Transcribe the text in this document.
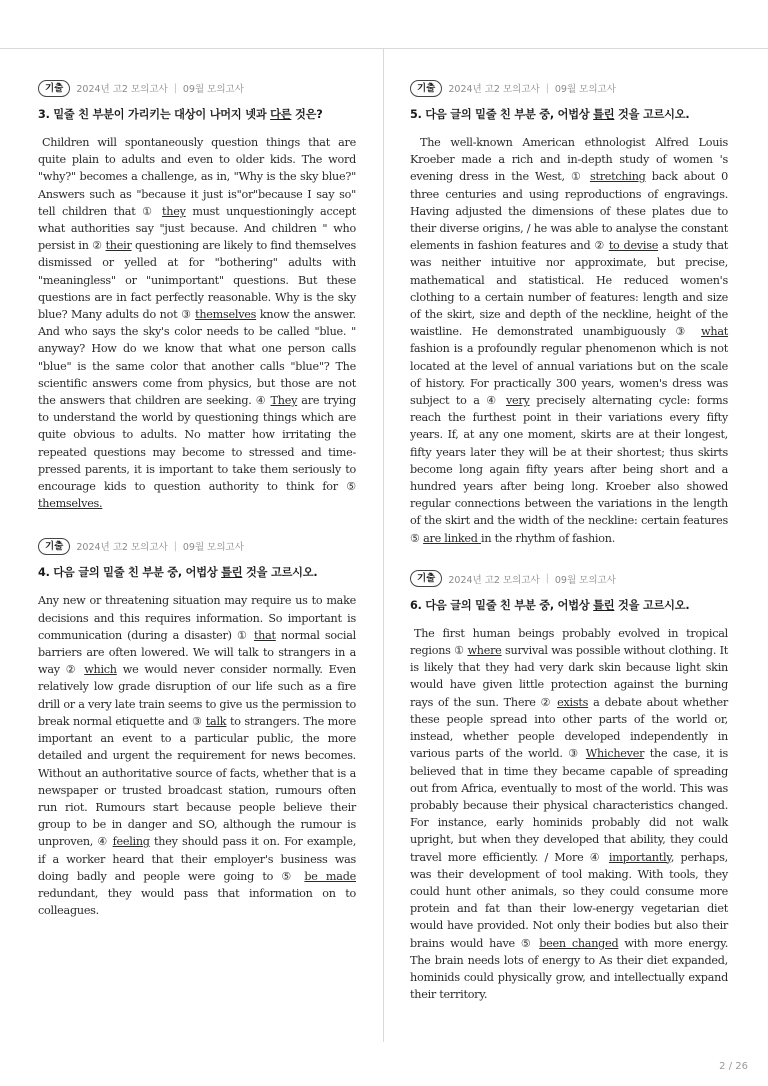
기출	2024년 고2 모의고사 | 09월 모의고사
3. 밑줄 친 부분이 가리키는 대상이 나머지 넷과 다른 것은?
Children will spontaneously question things that are quite plain to adults and even to older kids. The word "why?" becomes a challenge, as in, "Why is the sky blue?" Answers such as "because it just is"or"because I say so" tell children that ① they must unquestioningly accept what authorities say "just because. And children " who persist in ② their questioning are likely to find themselves dismissed or yelled at for "bothering" adults with "meaningless" or "unimportant" questions. But these questions are in fact perfectly reasonable. Why is the sky blue? Many adults do not ③ themselves know the answer. And who says the sky's color needs to be called "blue. " anyway? How do we know that what one person calls "blue" is the same color that another calls "blue"? The scientific answers come from physics, but those are not the answers that children are seeking. ④ They are trying to understand the world by questioning things which are quite obvious to adults. No matter how irritating the repeated questions may become to stressed and time-pressed parents, it is important to take them seriously to encourage kids to question authority to think for ⑤ themselves.
기출	2024년 고2 모의고사 | 09월 모의고사
4. 다음 글의 밑줄 친 부분 중, 어법상 틀린 것을 고르시오.
Any new or threatening situation may require us to make decisions and this requires information. So important is communication (during a disaster) ① that normal social barriers are often lowered. We will talk to strangers in a way ② which we would never consider normally. Even relatively low grade disruption of our life such as a fire drill or a very late train seems to give us the permission to break normal etiquette and ③ talk to strangers. The more important an event to a particular public, the more detailed and urgent the requirement for news becomes. Without an authoritative source of facts, whether that is a newspaper or trusted broadcast station, rumours often run riot. Rumours start because people believe their group to be in danger and SO, although the rumour is unproven, ④ feeling they should pass it on. For example, if a worker heard that their employer's business was doing badly and people were going to ⑤ be made redundant, they would pass that information on to colleagues.
기출	2024년 고2 모의고사 | 09월 모의고사
5. 다음 글의 밑줄 친 부분 중, 어법상 틀린 것을 고르시오.
The well-known American ethnologist Alfred Louis Kroeber made a rich and in-depth study of women 's evening dress in the West, ① stretching back about 0 three centuries and using reproductions of engravings. Having adjusted the dimensions of these plates due to their diverse origins, / he was able to analyse the constant elements in fashion features and ② to devise a study that was neither intuitive nor approximate, but precise, mathematical and statistical. He reduced women's clothing to a certain number of features: length and size of the skirt, size and depth of the neckline, height of the waistline. He demonstrated unambiguously ③ what fashion is a profoundly regular phenomenon which is not located at the level of annual variations but on the scale of history. For practically 300 years, women's dress was subject to a ④ very precisely alternating cycle: forms reach the furthest point in their variations every fifty years. If, at any one moment, skirts are at their longest, fifty years later they will be at their shortest; thus skirts become long again fifty years after being short and a hundred years after being long. Kroeber also showed regular connections between the variations in the length of the skirt and the width of the neckline: certain features ⑤ are linked in the rhythm of fashion.
기출	2024년 고2 모의고사 | 09월 모의고사
6. 다음 글의 밑줄 친 부분 중, 어법상 틀린 것을 고르시오.
The first human beings probably evolved in tropical regions ① where survival was possible without clothing. It is likely that they had very dark skin because light skin would have given little protection against the burning rays of the sun. There ② exists a debate about whether these people spread into other parts of the world or, instead, whether people developed independently in various parts of the world. ③ Whichever the case, it is believed that in time they became capable of spreading out from Africa, eventually to most of the world. This was probably because their physical characteristics changed. For instance, early hominids probably did not walk upright, but when they developed that ability, they could travel more efficiently. / More ④ importantly, perhaps, was their development of tool making. With tools, they could hunt other animals, so they could consume more protein and fat than their low-energy vegetarian diet would have provided. Not only their bodies but also their brains would have ⑤ been changed with more energy. The brain needs lots of energy to As their diet expanded, hominids could physically grow, and intellectually expand their territory.
2 / 26
